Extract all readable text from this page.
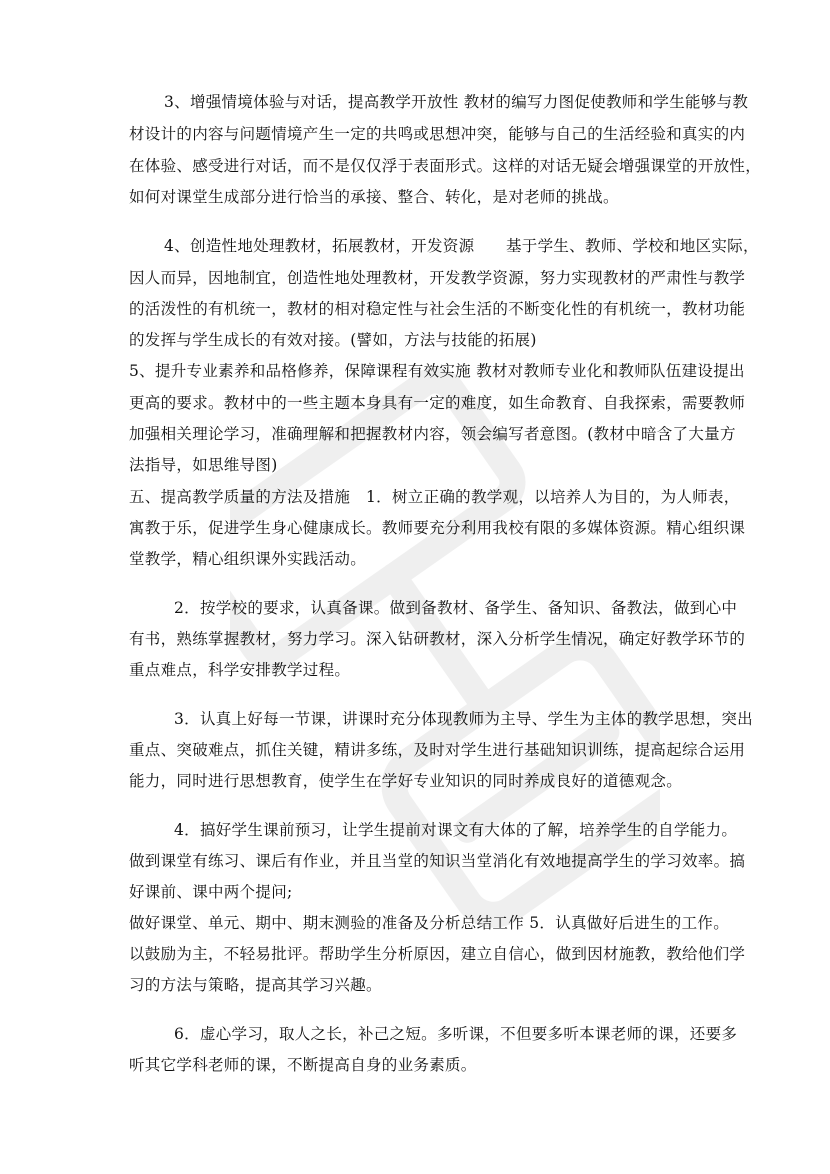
3、增强情境体验与对话，提高教学开放性 教材的编写力图促使教师和学生能够与教
材设计的内容与问题情境产生一定的共鸣或思想冲突，能够与自己的生活经验和真实的内
在体验、感受进行对话，而不是仅仅浮于表面形式。这样的对话无疑会增强课堂的开放性，
如何对课堂生成部分进行恰当的承接、整合、转化，是对老师的挑战。
4、创造性地处理教材，拓展教材，开发资源　　基于学生、教师、学校和地区实际，
因人而异，因地制宜，创造性地处理教材，开发教学资源，努力实现教材的严肃性与教学
的活泼性的有机统一，教材的相对稳定性与社会生活的不断变化性的有机统一，教材功能
的发挥与学生成长的有效对接。(譬如，方法与技能的拓展)
5、提升专业素养和品格修养，保障课程有效实施 教材对教师专业化和教师队伍建设提出
更高的要求。教材中的一些主题本身具有一定的难度，如生命教育、自我探索，需要教师
加强相关理论学习，准确理解和把握教材内容，领会编写者意图。(教材中暗含了大量方
法指导，如思维导图)
五、提高教学质量的方法及措施　1．树立正确的教学观，以培养人为目的，为人师表，
寓教于乐，促进学生身心健康成长。教师要充分利用我校有限的多媒体资源。精心组织课
堂教学，精心组织课外实践活动。
2．按学校的要求，认真备课。做到备教材、备学生、备知识、备教法，做到心中
有书，熟练掌握教材，努力学习。深入钻研教材，深入分析学生情况，确定好教学环节的
重点难点，科学安排教学过程。
3．认真上好每一节课，讲课时充分体现教师为主导、学生为主体的教学思想，突出
重点、突破难点，抓住关键，精讲多练，及时对学生进行基础知识训练，提高起综合运用
能力，同时进行思想教育，使学生在学好专业知识的同时养成良好的道德观念。
4．搞好学生课前预习，让学生提前对课文有大体的了解，培养学生的自学能力。
做到课堂有练习、课后有作业，并且当堂的知识当堂消化有效地提高学生的学习效率。搞
好课前、课中两个提问;
做好课堂、单元、期中、期末测验的准备及分析总结工作 5．认真做好后进生的工作。
以鼓励为主，不轻易批评。帮助学生分析原因，建立自信心，做到因材施教，教给他们学
习的方法与策略，提高其学习兴趣。
6．虚心学习，取人之长，补己之短。多听课，不但要多听本课老师的课，还要多
听其它学科老师的课，不断提高自身的业务素质。
